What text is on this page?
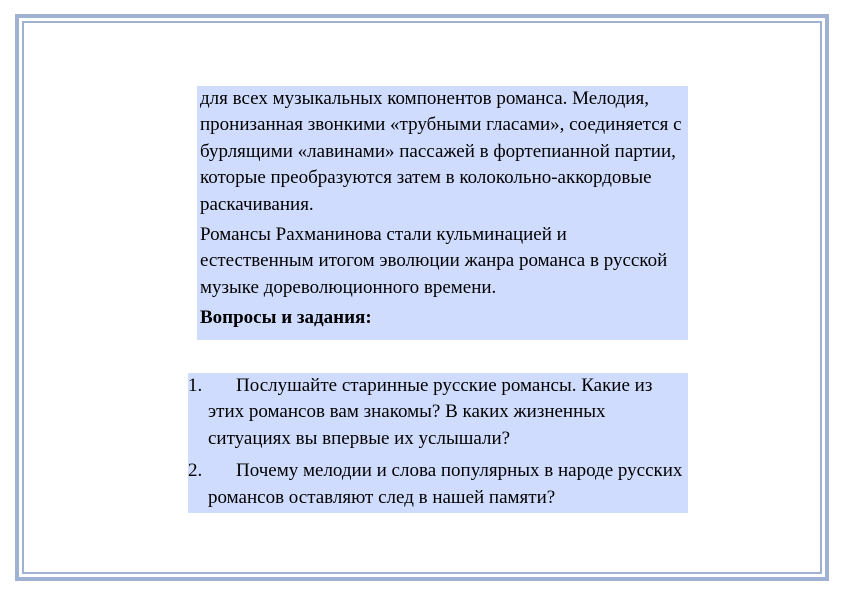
для всех музыкальных компонентов романса. Мелодия, пронизанная звонкими «трубными гласами», соединяется с бурлящими «лавинами» пассажей в фортепианной партии, которые преобразуются затем в колокольно-аккордовые раскачивания.

Романсы Рахманинова стали кульминацией и естественным итогом эволюции жанра романса в русской музыке дореволюционного времени.

Вопросы и задания:
1.	Послушайте старинные русские романсы. Какие из этих романсов вам знакомы? В каких жизненных ситуациях вы впервые их услышали?
2.	Почему мелодии и слова популярных в народе русских романсов оставляют след в нашей памяти?
